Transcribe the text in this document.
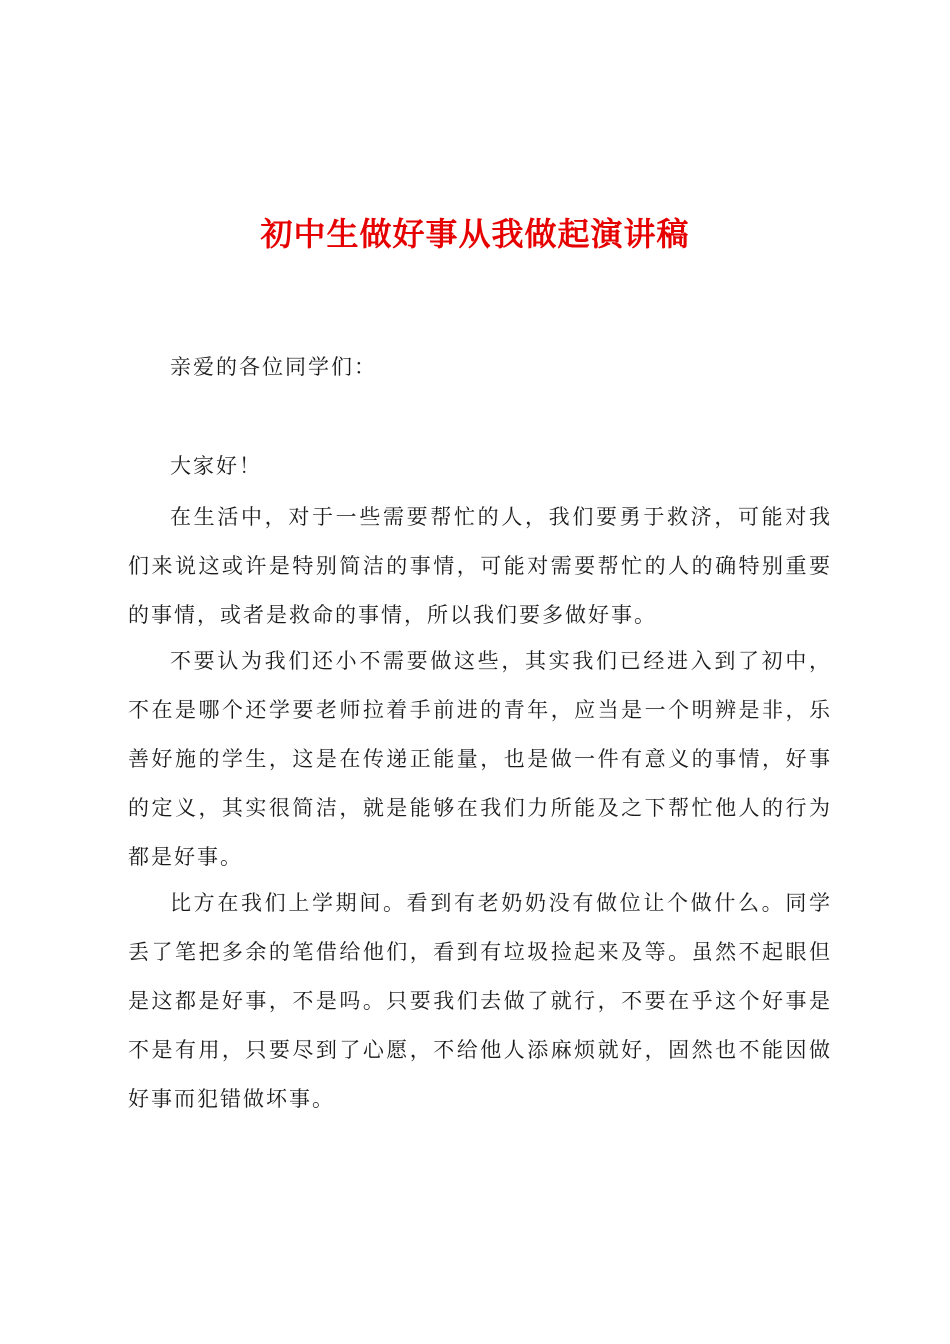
初中生做好事从我做起演讲稿

亲爱的各位同学们：

大家好！

在生活中，对于一些需要帮忙的人，我们要勇于救济，可能对我们来说这或许是特别简洁的事情，可能对需要帮忙的人的确特别重要的事情，或者是救命的事情，所以我们要多做好事。

不要认为我们还小不需要做这些，其实我们已经进入到了初中，不在是哪个还学要老师拉着手前进的青年，应当是一个明辨是非，乐善好施的学生，这是在传递正能量，也是做一件有意义的事情，好事的定义，其实很简洁，就是能够在我们力所能及之下帮忙他人的行为都是好事。

比方在我们上学期间。看到有老奶奶没有做位让个做什么。同学丢了笔把多余的笔借给他们，看到有垃圾捡起来及等。虽然不起眼但是这都是好事，不是吗。只要我们去做了就行，不要在乎这个好事是不是有用，只要尽到了心愿，不给他人添麻烦就好，固然也不能因做好事而犯错做坏事。
